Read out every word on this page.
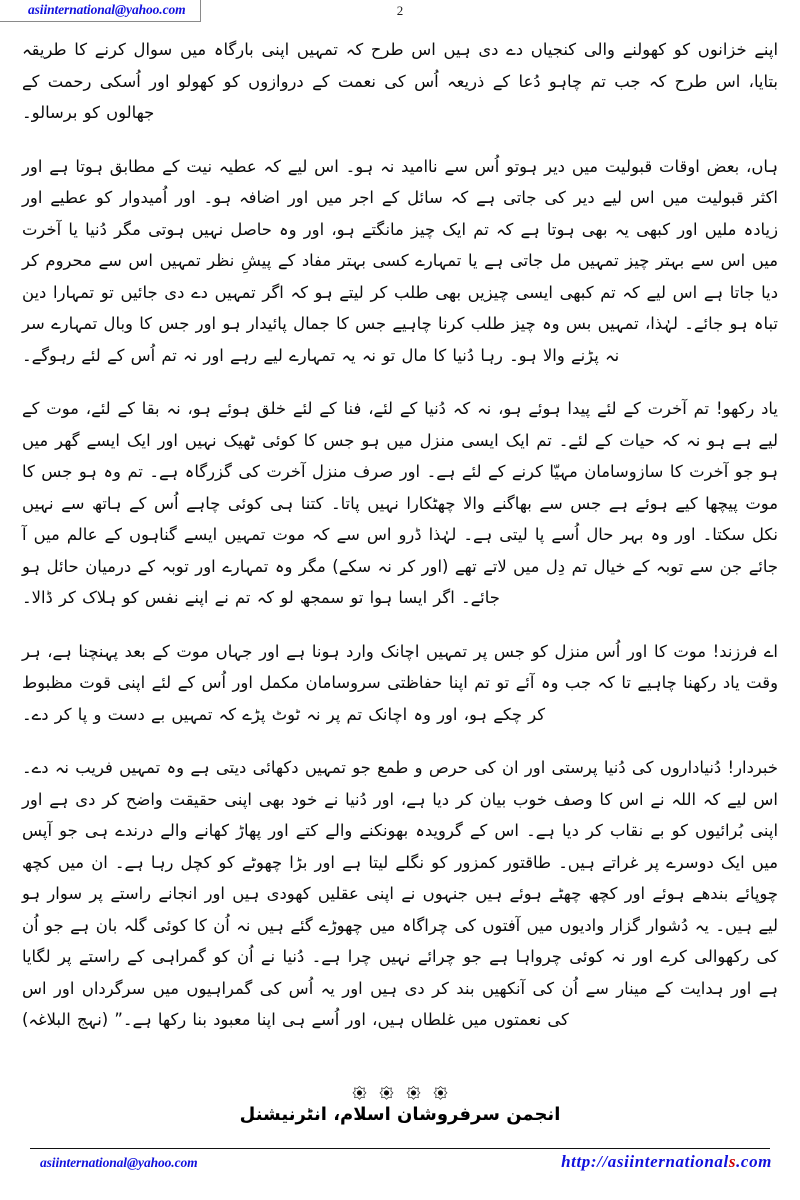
asiinternational@yahoo.com	2

اپنے خزانوں کو کھولنے والی کنجیاں دے دی ہیں اس طرح کہ تمہیں اپنی بارگاہ میں سوال کرنے کا طریقہ بتایا، اس طرح کہ جب تم چاہو دُعا کے ذریعہ اُس کی نعمت کے دروازوں کو کھولو اور اُسکی رحمت کے جھالوں کو برسالو۔

ہاں، بعض اوقات قبولیت میں دیر ہوتو اُس سے ناامید نہ ہو۔ اس لیے کہ عطیہ نیت کے مطابق ہوتا ہے اور اکثر قبولیت میں اس لیے دیر کی جاتی ہے کہ سائل کے اجر میں اور اضافہ ہو۔ اور اُمیدوار کو عطیے اور زیادہ ملیں اور کبھی یہ بھی ہوتا ہے کہ تم ایک چیز مانگتے ہو، اور وہ حاصل نہیں ہوتی مگر دُنیا یا آخرت میں اس سے بہتر چیز تمہیں مل جاتی ہے یا تمہارے کسی بہتر مفاد کے پیشِ نظر تمہیں اس سے محروم کر دیا جاتا ہے اس لیے کہ تم کبھی ایسی چیزیں بھی طلب کر لیتے ہو کہ اگر تمہیں دے دی جائیں تو تمہارا دین تباہ ہو جائے۔ لہٰذا، تمہیں بس وہ چیز طلب کرنا چاہیے جس کا جمال پائیدار ہو اور جس کا وبال تمہارے سر نہ پڑنے والا ہو۔ رہا دُنیا کا مال تو نہ یہ تمہارے لیے رہے اور نہ تم اُس کے لئے رہوگے۔

یاد رکھو! تم آخرت کے لئے پیدا ہوئے ہو، نہ کہ دُنیا کے لئے، فنا کے لئے خلق ہوئے ہو، نہ بقا کے لئے، موت کے لیے ہے ہو نہ کہ حیات کے لئے۔ تم ایک ایسی منزل میں ہو جس کا کوئی ٹھیک نہیں اور ایک ایسے گھر میں ہو جو آخرت کا سازوسامان مہیّا کرنے کے لئے ہے۔ اور صرف منزل آخرت کی گزرگاہ ہے۔ تم وہ ہو جس کا موت پیچھا کیے ہوئے ہے جس سے بھاگنے والا چھٹکارا نہیں پاتا۔ کتنا ہی کوئی چاہے اُس کے ہاتھ سے نہیں نکل سکتا۔ اور وہ بہر حال اُسے پا لیتی ہے۔ لہٰذا ڈرو اس سے کہ موت تمہیں ایسے گناہوں کے عالم میں آ جائے جن سے توبہ کے خیال تم دِل میں لاتے تھے (اور کر نہ سکے) مگر وہ تمہارے اور توبہ کے درمیان حائل ہو جائے۔ اگر ایسا ہوا تو سمجھ لو کہ تم نے اپنے نفس کو ہلاک کر ڈالا۔

اے فرزند! موت کا اور اُس منزل کو جس پر تمہیں اچانک وارد ہونا ہے اور جہاں موت کے بعد پہنچنا ہے، ہر وقت یاد رکھنا چاہیے تا کہ جب وہ آئے تو تم اپنا حفاظتی سروسامان مکمل اور اُس کے لئے اپنی قوت مظبوط کر چکے ہو، اور وہ اچانک تم پر نہ ٹوٹ پڑے کہ تمہیں بے دست و پا کر دے۔

خبردار! دُنیاداروں کی دُنیا پرستی اور ان کی حرص و طمع جو تمہیں دکھائی دیتی ہے وہ تمہیں فریب نہ دے۔ اس لیے کہ اللہ نے اس کا وصف خوب بیان کر دیا ہے، اور دُنیا نے خود بھی اپنی حقیقت واضح کر دی ہے اور اپنی بُرائیوں کو بے نقاب کر دیا ہے۔ اس کے گرویدہ بھونکنے والے کتے اور پھاڑ کھانے والے درندے ہی جو آپس میں ایک دوسرے پر غراتے ہیں۔ طاقتور کمزور کو نگلے لیتا ہے اور بڑا چھوٹے کو کچل رہا ہے۔ ان میں کچھ چوپائے بندھے ہوئے اور کچھ چھٹے ہوئے ہیں جنہوں نے اپنی عقلیں کھودی ہیں اور انجانے راستے پر سوار ہو لیے ہیں۔ یہ دُشوار گزار وادیوں میں آفتوں کی چراگاہ میں چھوڑے گئے ہیں نہ اُن کا کوئی گلہ بان ہے جو اُن کی رکھوالی کرے اور نہ کوئی چرواہا ہے جو چرائے نہیں چرا ہے۔ دُنیا نے اُن کو گمراہی کے راستے پر لگایا ہے اور ہدایت کے مینار سے اُن کی آنکھیں بند کر دی ہیں اور یہ اُس کی گمراہیوں میں سرگرداں اور اس کی نعمتوں میں غلطاں ہیں، اور اُسے ہی اپنا معبود بنا رکھا ہے۔” (نہج البلاغہ)

انجمن سرفروشان اسلام، انٹرنیشنل
asiinternational@yahoo.com	http://asiinternationals.com
